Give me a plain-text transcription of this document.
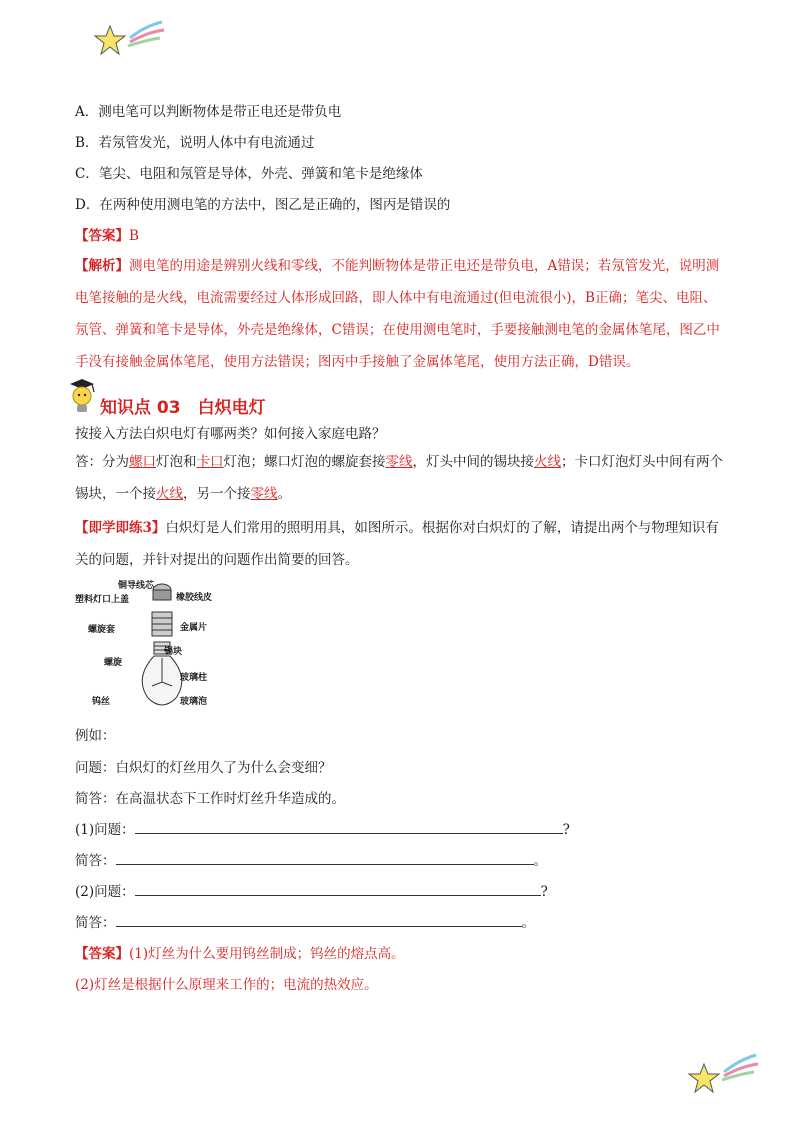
A．测电笔可以判断物体是带正电还是带负电
B．若氖管发光，说明人体中有电流通过
C．笔尖、电阻和氖管是导体，外壳、弹簧和笔卡是绝缘体
D．在两种使用测电笔的方法中，图乙是正确的，图丙是错误的
【答案】B
【解析】测电笔的用途是辨别火线和零线，不能判断物体是带正电还是带负电，A错误；若氖管发光，说明测电笔接触的是火线，电流需要经过人体形成回路，即人体中有电流通过(但电流很小)，B正确；笔尖、电阻、氖管、弹簧和笔卡是导体，外壳是绝缘体，C错误；在使用测电笔时，手要接触测电笔的金属体笔尾，图乙中手没有接触金属体笔尾，使用方法错误；图丙中手接触了金属体笔尾，使用方法正确，D错误。
知识点 03　白炽电灯
按接入方法白炽电灯有哪两类？如何接入家庭电路？
答：分为螺口灯泡和卡口灯泡；螺口灯泡的螺旋套接零线，灯头中间的锡块接火线；卡口灯泡灯头中间有两个锡块，一个接火线，另一个接零线。
【即学即练3】白炽灯是人们常用的照明用具，如图所示。根据你对白炽灯的了解，请提出两个与物理知识有关的问题，并针对提出的问题作出简要的回答。
铜导线芯
塑料灯口上盖	橡胶线皮
螺旋套	金属片
锡块
螺旋
玻璃柱
钨丝	玻璃泡
例如：
问题：白炽灯的灯丝用久了为什么会变细？
简答：在高温状态下工作时灯丝升华造成的。
(1)问题：	?
简答：	。
(2)问题：	?
简答：	。
【答案】(1)灯丝为什么要用钨丝制成；钨丝的熔点高。
(2)灯丝是根据什么原理来工作的；电流的热效应。
